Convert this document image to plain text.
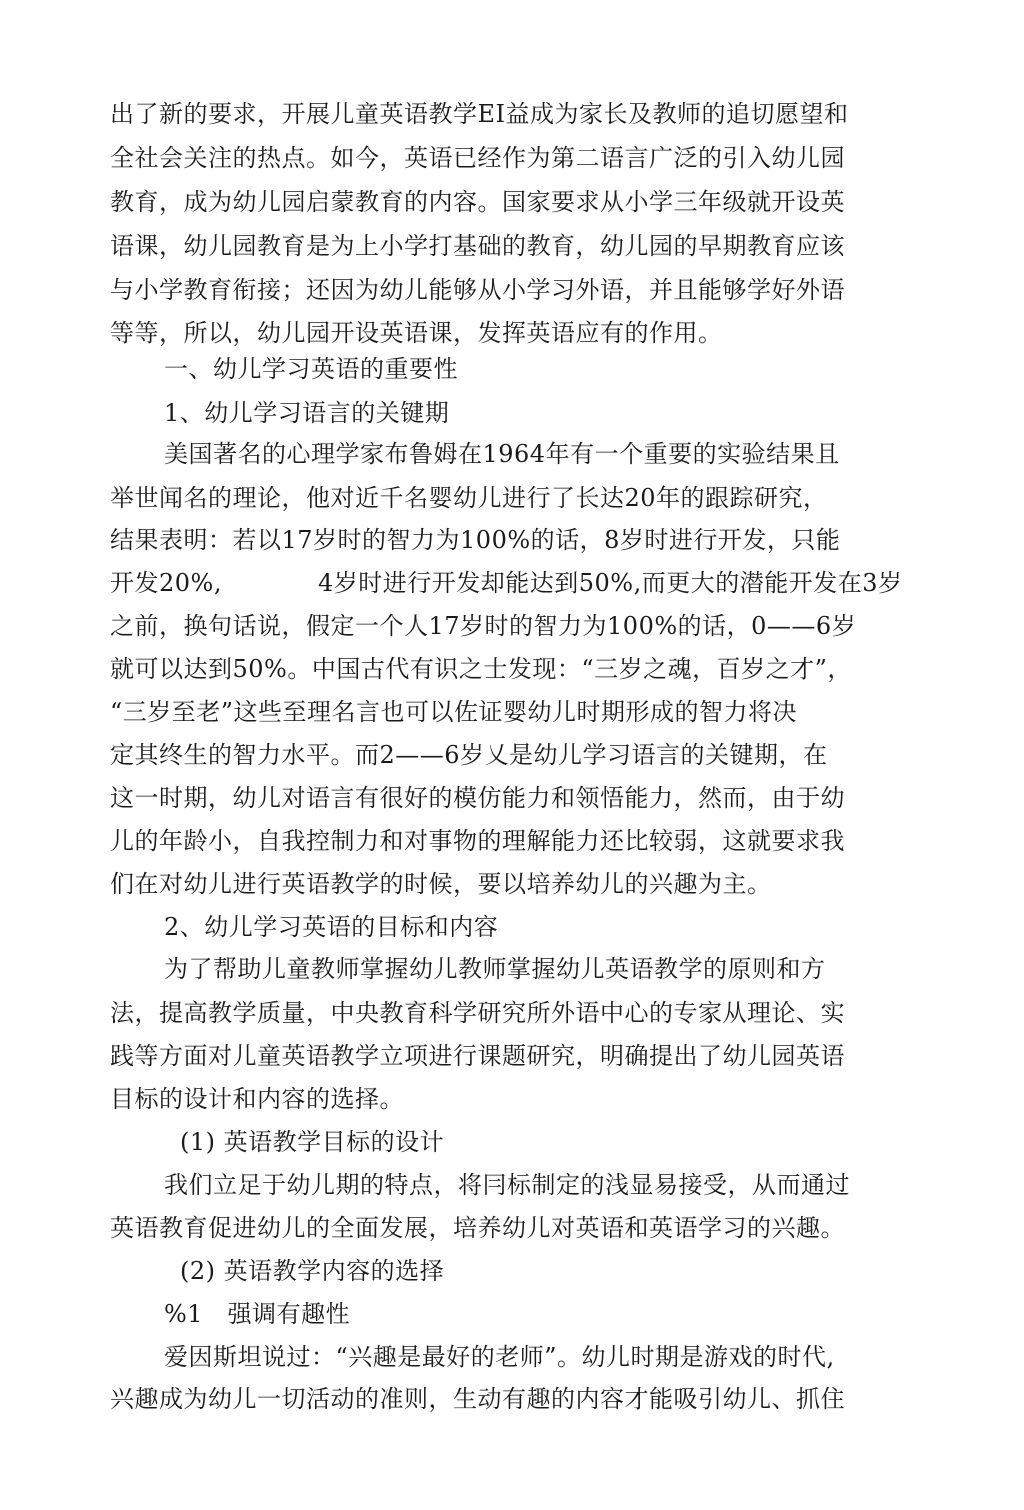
出了新的要求，开展儿童英语教学EI益成为家长及教师的追切愿望和
全社会关注的热点。如今，英语已经作为第二语言广泛的引入幼儿园
教育，成为幼儿园启蒙教育的内容。国家要求从小学三年级就开设英
语课，幼儿园教育是为上小学打基础的教育，幼儿园的早期教育应该
与小学教育衔接；还因为幼儿能够从小学习外语，并且能够学好外语
等等，所以，幼儿园开设英语课，发挥英语应有的作用。
一、幼儿学习英语的重要性
1、幼儿学习语言的关键期
美国著名的心理学家布鲁姆在1964年有一个重要的实验结果且
举世闻名的理论，他对近千名婴幼儿进行了长达20年的跟踪研究，
结果表明：若以17岁时的智力为100%的话，8岁时进行开发，只能
开发20%,	4岁时进行开发却能达到50%,而更大的潜能开发在3岁
之前，换句话说，假定一个人17岁时的智力为100%的话，0——6岁
就可以达到50%。中国古代有识之士发现：“三岁之魂，百岁之才”，
“三岁至老”这些至理名言也可以佐证婴幼儿时期形成的智力将决
定其终生的智力水平。而2——6岁乂是幼儿学习语言的关键期，在
这一时期，幼儿对语言有很好的模仿能力和领悟能力，然而，由于幼
儿的年龄小，自我控制力和对事物的理解能力还比较弱，这就要求我
们在对幼儿进行英语教学的时候，要以培养幼儿的兴趣为主。
2、幼儿学习英语的目标和内容
为了帮助儿童教师掌握幼儿教师掌握幼儿英语教学的原则和方
法，提高教学质量，中央教育科学研究所外语中心的专家从理论、实
践等方面对儿童英语教学立项进行课题研究，明确提出了幼儿园英语
目标的设计和内容的选择。
(1) 英语教学目标的设计
我们立足于幼儿期的特点，将冃标制定的浅显易接受，从而通过
英语教育促进幼儿的全面发展，培养幼儿对英语和英语学习的兴趣。
(2) 英语教学内容的选择
%1　强调有趣性
爱因斯坦说过：“兴趣是最好的老师”。幼儿时期是游戏的时代,
兴趣成为幼儿一切活动的准则，生动有趣的内容才能吸引幼儿、抓住
